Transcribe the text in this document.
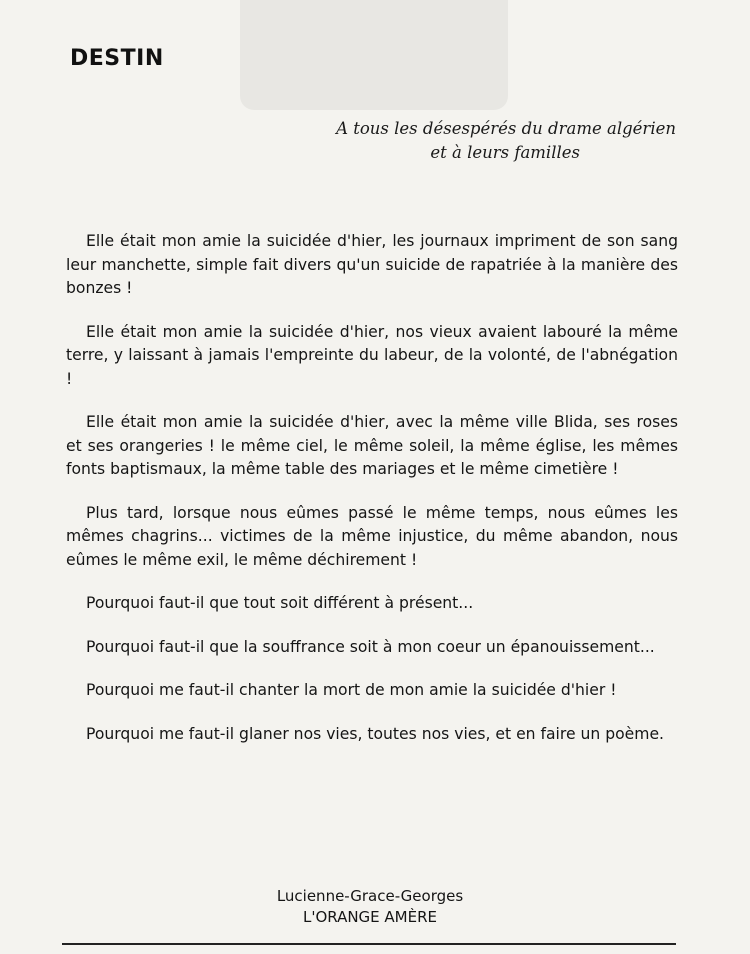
DESTIN
A tous les désespérés du drame algérien
et à leurs familles

Elle était mon amie la suicidée d'hier, les journaux impriment de son sang leur manchette, simple fait divers qu'un suicide de rapatriée à la manière des bonzes !

Elle était mon amie la suicidée d'hier, nos vieux avaient labouré la même terre, y laissant à jamais l'empreinte du labeur, de la volonté, de l'abnégation !

Elle était mon amie la suicidée d'hier, avec la même ville Blida, ses roses et ses orangeries ! le même ciel, le même soleil, la même église, les mêmes fonts baptismaux, la même table des mariages et le même cimetière !

Plus tard, lorsque nous eûmes passé le même temps, nous eûmes les mêmes chagrins... victimes de la même injustice, du même abandon, nous eûmes le même exil, le même déchirement !

Pourquoi faut-il que tout soit différent à présent...

Pourquoi faut-il que la souffrance soit à mon coeur un épanouissement...

Pourquoi me faut-il chanter la mort de mon amie la suicidée d'hier !

Pourquoi me faut-il glaner nos vies, toutes nos vies, et en faire un poème.

Lucienne-Grace-Georges
L'ORANGE AMÈRE
